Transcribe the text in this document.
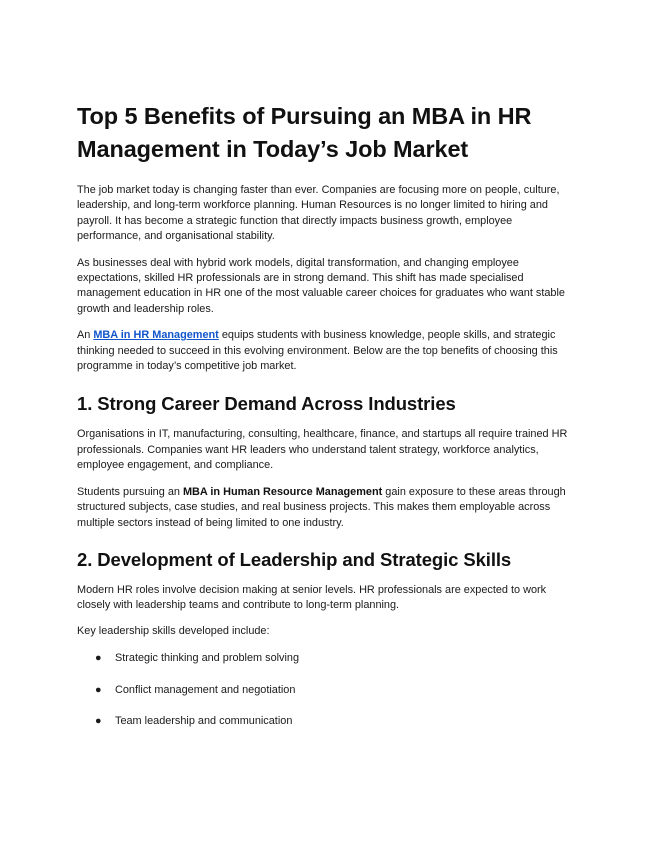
Top 5 Benefits of Pursuing an MBA in HR Management in Today’s Job Market

The job market today is changing faster than ever. Companies are focusing more on people, culture, leadership, and long-term workforce planning. Human Resources is no longer limited to hiring and payroll. It has become a strategic function that directly impacts business growth, employee performance, and organisational stability.

As businesses deal with hybrid work models, digital transformation, and changing employee expectations, skilled HR professionals are in strong demand. This shift has made specialised management education in HR one of the most valuable career choices for graduates who want stable growth and leadership roles.

An MBA in HR Management equips students with business knowledge, people skills, and strategic thinking needed to succeed in this evolving environment. Below are the top benefits of choosing this programme in today’s competitive job market.

1. Strong Career Demand Across Industries

Organisations in IT, manufacturing, consulting, healthcare, finance, and startups all require trained HR professionals. Companies want HR leaders who understand talent strategy, workforce analytics, employee engagement, and compliance.

Students pursuing an MBA in Human Resource Management gain exposure to these areas through structured subjects, case studies, and real business projects. This makes them employable across multiple sectors instead of being limited to one industry.

2. Development of Leadership and Strategic Skills

Modern HR roles involve decision making at senior levels. HR professionals are expected to work closely with leadership teams and contribute to long-term planning.

Key leadership skills developed include:

● Strategic thinking and problem solving
● Conflict management and negotiation
● Team leadership and communication
